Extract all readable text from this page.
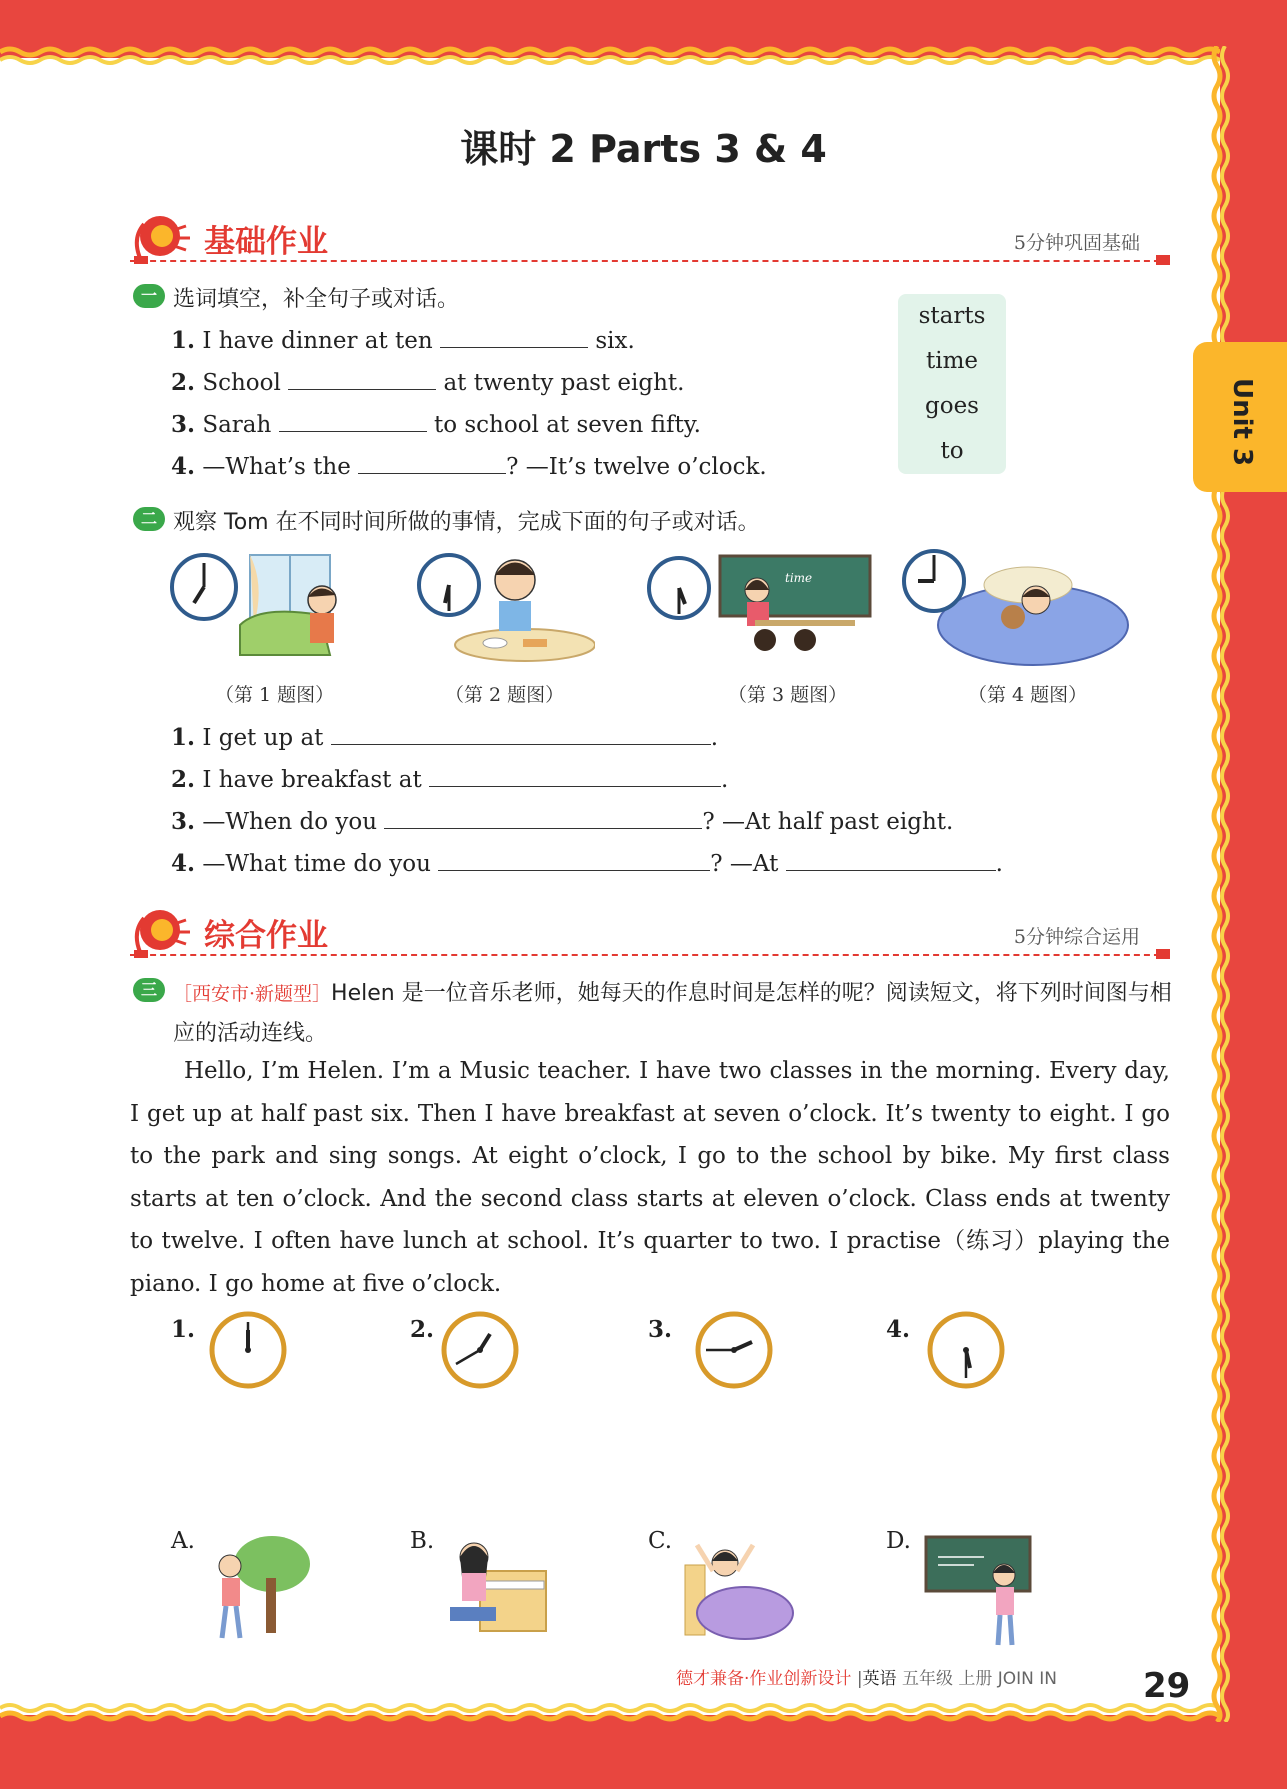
Unit 3
课时 2 Parts 3 & 4
基础作业	5分钟巩固基础
一 选词填空，补全句子或对话。
1. I have dinner at ten	six.
2. School	at twenty past eight.
3. Sarah	to school at seven fifty.
4. —What’s the	? —It’s twelve o’clock.
starts
time
goes
to
二 观察 Tom 在不同时间所做的事情，完成下面的句子或对话。
time
（第 1 题图）	（第 2 题图）	（第 3 题图）	（第 4 题图）
1. I get up at	.
2. I have breakfast at	.
3. —When do you	? —At half past eight.
4. —What time do you	? —At	.
综合作业	5分钟综合运用
三 ［西安市·新题型］Helen 是一位音乐老师，她每天的作息时间是怎样的呢？阅读短文，将下列时间图与相应的活动连线。
Hello, I’m Helen. I’m a Music teacher. I have two classes in the morning. Every day, I get up at half past six. Then I have breakfast at seven o’clock. It’s twenty to eight. I go to the park and sing songs. At eight o’clock, I go to the school by bike. My first class starts at ten o’clock. And the second class starts at eleven o’clock. Class ends at twenty to twelve. I often have lunch at school. It’s quarter to two. I practise（练习）playing the piano. I go home at five o’clock.
1.	2.	3.	4.
A.	B.	C.	D.
德才兼备·作业创新设计 |英语 五年级 上册 JOIN IN	29
